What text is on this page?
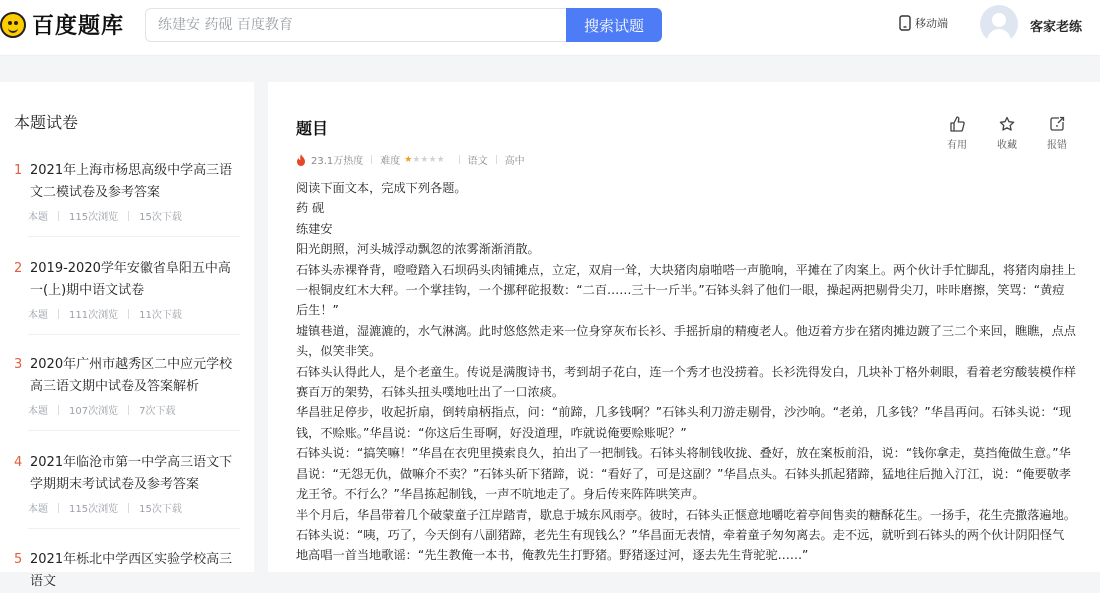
百度题库
练建安 药砚 百度教育	搜索试题	移动端	客家老练
本题试卷
1 2021年上海市杨思高级中学高三语文二模试卷及参考答案
本题 115次浏览 15次下载
2 2019-2020学年安徽省阜阳五中高一(上)期中语文试卷
本题 111次浏览 11次下载
3 2020年广州市越秀区二中应元学校高三语文期中试卷及答案解析
本题 107次浏览 7次下载
4 2021年临沧市第一中学高三语文下学期期末考试试卷及参考答案
本题 115次浏览 15次下载
5 2021年栎北中学西区实验学校高三语文
题目
有用	收藏	报错
23.1万热度 难度 ★★★★★ 语文 高中

阅读下面文本，完成下列各题。

药 砚

练建安

阳光朗照，河头城浮动飘忽的浓雾渐渐消散。

石钵头赤裸脊背，噔噔踏入石坝码头肉铺摊点，立定，双肩一耸，大块猪肉扇啪嗒一声脆响，平摊在了肉案上。两个伙计手忙脚乱，将猪肉扇挂上一根铜皮红木大秤。一个掌挂钩，一个挪秤砣报数：“二百……三十一斤半。”石钵头斜了他们一眼，操起两把剔骨尖刀，咔咔磨擦，笑骂：“黄痘后生！”

墟镇巷道，湿漉漉的，水气淋漓。此时悠悠然走来一位身穿灰布长衫、手摇折扇的精瘦老人。他迈着方步在猪肉摊边踱了三二个来回，瞧瞧，点点头，似笑非笑。

石钵头认得此人，是个老童生。传说是满腹诗书，考到胡子花白，连一个秀才也没捞着。长衫洗得发白，几块补丁格外刺眼，看着老穷酸装模作样赛百万的架势，石钵头扭头噗地吐出了一口浓痰。

华昌驻足停步，收起折扇，倒转扇柄指点，问：“前蹄，几多钱啊？”石钵头利刀游走剔骨，沙沙响。“老弟，几多钱？”华昌再问。石钵头说：“现钱，不赊账。”华昌说：“你这后生哥啊，好没道理，咋就说俺要赊账呢？”

石钵头说：“搞笑嘛！”华昌在衣兜里摸索良久，拍出了一把制钱。石钵头将制钱收拢、叠好，放在案板前沿，说：“钱你拿走，莫挡俺做生意。”华昌说：“无怨无仇，做嘛介不卖？”石钵头斫下猪蹄，说：“看好了，可是这副？”华昌点头。石钵头抓起猪蹄，猛地往后抛入汀江，说：“俺要敬孝龙王爷。不行么？”华昌拣起制钱，一声不吭地走了。身后传来阵阵哄笑声。

半个月后，华昌带着几个破蒙童子江岸踏青，歇息于城东风雨亭。彼时，石钵头正惬意地嚼吃着亭间售卖的糖酥花生。一扬手，花生壳撒落遍地。石钵头说：“咦，巧了，今天倒有八副猪蹄，老先生有现钱么？”华昌面无表情，牵着童子匆匆离去。走不远，就听到石钵头的两个伙计阴阳怪气地高唱一首当地歌谣：“先生教俺一本书，俺教先生打野猪。野猪逐过河，逐去先生背驼驼……”
